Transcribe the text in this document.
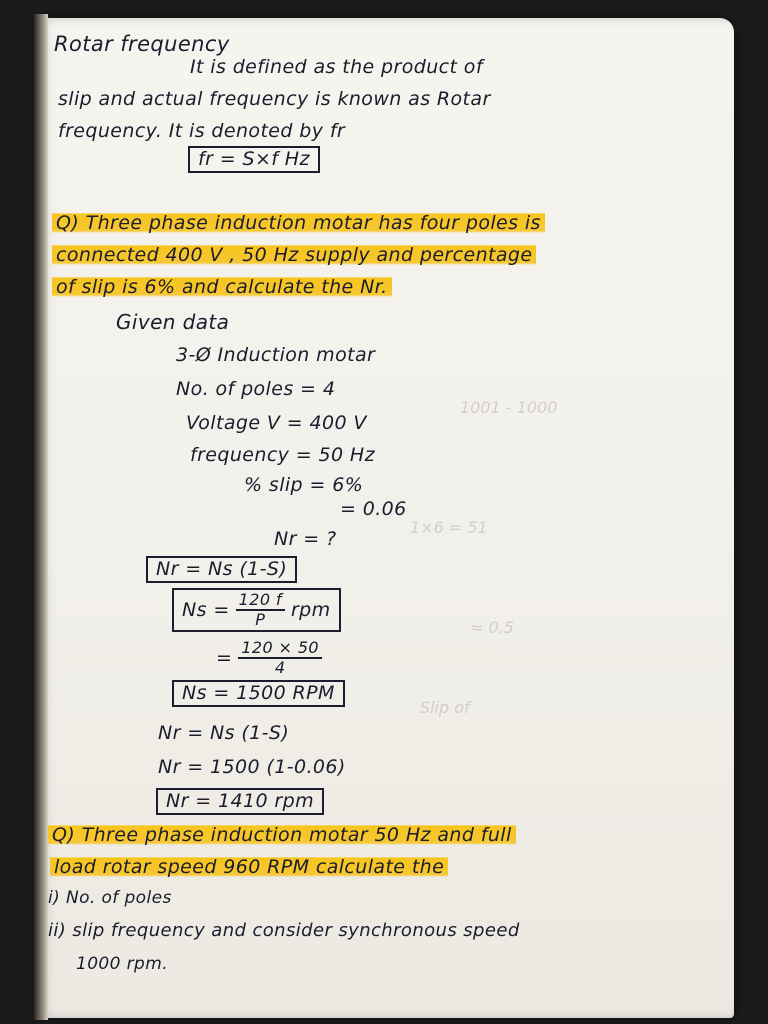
1×6 = 51
≈ 0.5
Slip of
1001 - 1000

Rotar frequency

It is defined as the product of

slip and actual frequency is known as Rotar

frequency. It is denoted by fr

fr = S×f Hz

Q) Three phase induction motar has four poles is

connected 400 V , 50 Hz supply and percentage

of slip is 6% and calculate the Nr.

Given data

3-Ø Induction motar

No. of poles = 4

Voltage V = 400 V

frequency = 50 Hz

% slip = 6%

= 0.06

Nr = ?

Nr = Ns (1-S)

$Ns = \frac{120 f}{P}$ rpm
= $\frac{120 \times 50}{4}$

Ns = 1500 RPM

Nr = Ns (1-S)

Nr = 1500 (1-0.06)

Nr = 1410 rpm

Q) Three phase induction motar 50 Hz and full

load rotar speed 960 RPM calculate the

i) No. of poles

ii) slip frequency and consider synchronous speed

1000 rpm.
